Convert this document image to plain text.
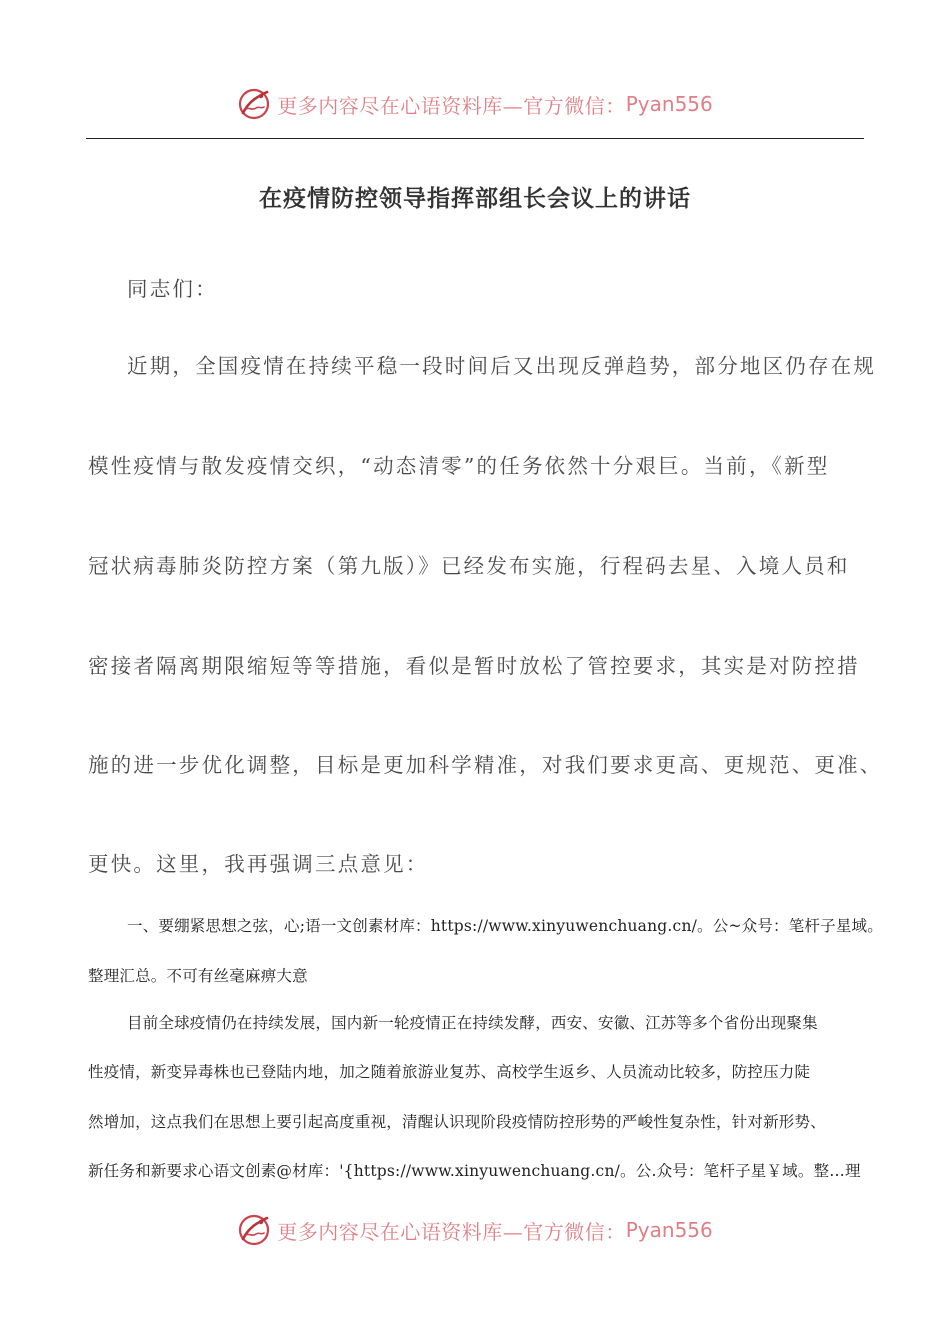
更多内容尽在心语资料库—官方微信： Pyan556
在疫情防控领导指挥部组长会议上的讲话
同志们：
近期，全国疫情在持续平稳一段时间后又出现反弹趋势，部分地区仍存在规
模性疫情与散发疫情交织，“动态清零”的任务依然十分艰巨。当前，《新型
冠状病毒肺炎防控方案（第九版）》已经发布实施，行程码去星、入境人员和
密接者隔离期限缩短等等措施，看似是暂时放松了管控要求，其实是对防控措
施的进一步优化调整，目标是更加科学精准，对我们要求更高、更规范、更准、
更快。这里，我再强调三点意见：
一、要绷紧思想之弦，心;语一文创素材库：https://www.xinyuwenchuang.cn/。公~众号：笔杆子星域。
整理汇总。不可有丝毫麻痹大意
目前全球疫情仍在持续发展，国内新一轮疫情正在持续发酵，西安、安徽、江苏等多个省份出现聚集
性疫情，新变异毒株也已登陆内地，加之随着旅游业复苏、高校学生返乡、人员流动比较多，防控压力陡
然增加，这点我们在思想上要引起高度重视，清醒认识现阶段疫情防控形势的严峻性复杂性，针对新形势、
新任务和新要求心语文创素@材库：'{https://www.xinyuwenchuang.cn/。公.众号：笔杆子星￥域。整…理
更多内容尽在心语资料库—官方微信： Pyan556
